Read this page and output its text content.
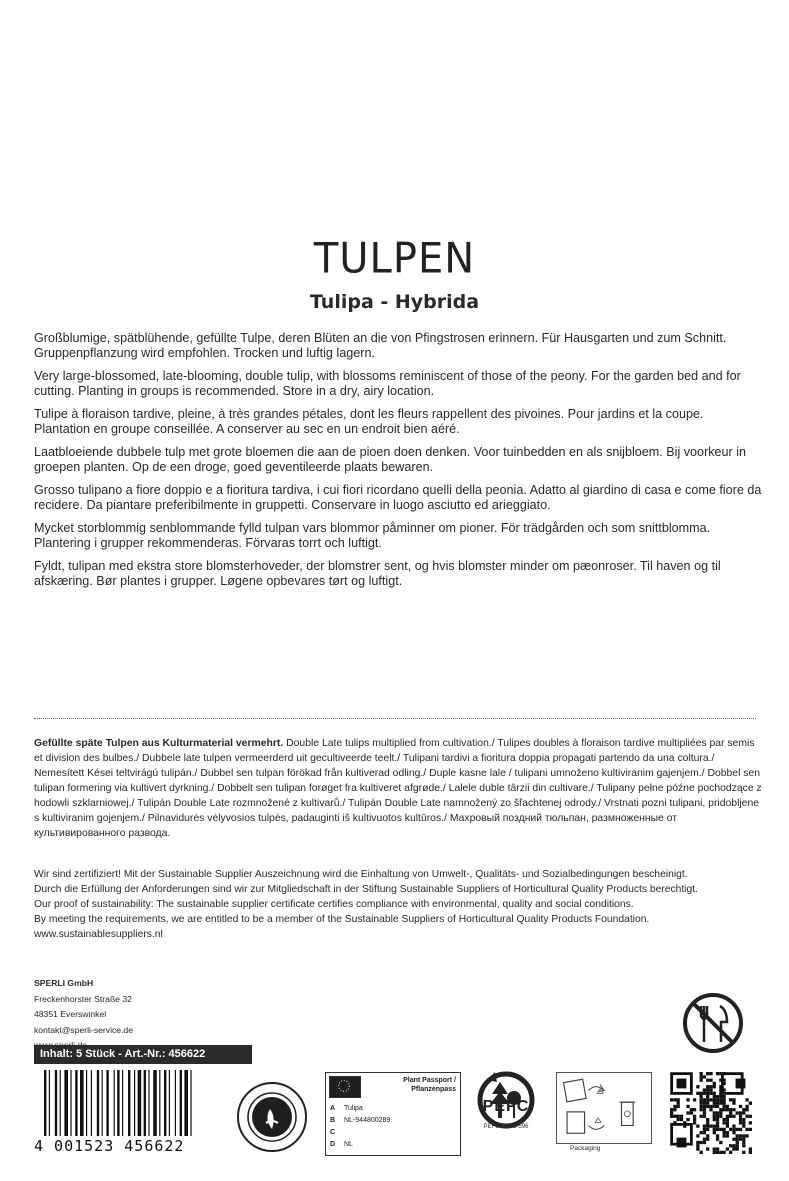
TULPEN
Tulipa - Hybrida

Großblumige, spätblühende, gefüllte Tulpe, deren Blüten an die von Pfingstrosen erinnern. Für Hausgarten und zum Schnitt. Gruppenpflanzung wird empfohlen. Trocken und luftig lagern.

Very large-blossomed, late-blooming, double tulip, with blossoms reminiscent of those of the peony. For the garden bed and for cutting. Planting in groups is recommended. Store in a dry, airy location.

Tulipe à floraison tardive, pleine, à très grandes pétales, dont les fleurs rappellent des pivoines. Pour jardins et la coupe. Plantation en groupe conseillée. A conserver au sec en un endroit bien aéré.

Laatbloeiende dubbele tulp met grote bloemen die aan de pioen doen denken. Voor tuinbedden en als snijbloem. Bij voorkeur in groepen planten. Op de een droge, goed geventileerde plaats bewaren.

Grosso tulipano a fiore doppio e a fioritura tardiva, i cui fiori ricordano quelli della peonia. Adatto al giardino di casa e come fiore da recidere. Da piantare preferibilmente in gruppetti. Conservare in luogo asciutto ed arieggiato.

Mycket storblommig senblommande fylld tulpan vars blommor påminner om pioner. För trädgården och som snittblomma. Plantering i grupper rekommenderas. Förvaras torrt och luftigt.

Fyldt, tulipan med ekstra store blomsterhoveder, der blomstrer sent, og hvis blomster minder om pæonroser. Til haven og til afskæring. Bør plantes i grupper. Løgene opbevares tørt og luftigt.

Gefüllte späte Tulpen aus Kulturmaterial vermehrt. Double Late tulips multiplied from cultivation./ Tulipes doubles à floraison tardive multipliées par semis et division des bulbes./ Dubbele late tulpen vermeerderd uit gecultiveerde teelt./ Tulipani tardivi a fioritura doppia propagati partendo da una coltura./ Nemesített Kései teltvirágú tulipán./ Dubbel sen tulpan förökad från kultiverad odling./ Duple kasne lale / tulipani umnoženo kultiviranim gajenjem./ Dobbel sen tulipan formering via kultivert dyrkning./ Dobbelt sen tulipan forøget fra kultiveret afgrøde./ Lalele duble târzii din cultivare./ Tulipany pełne późne pochodzące z hodowli szklarniowej./ Tulipán Double Late rozmnožené z kultivarů./ Tulipán Double Late namnožený zo šľachtenej odrody./ Vrstnati pozni tulipani, pridobljene s kultiviranim gojenjem./ Pilnavidurės vėlyvosios tulpės, padauginti iš kultivuotos kultūros./ Махровый поздний тюльпан, размноженные от культивированного развода.
Wir sind zertifiziert! Mit der Sustainable Supplier Auszeichnung wird die Einhaltung von Umwelt-, Qualitäts- und Sozialbedingungen bescheinigt.
Durch die Erfüllung der Anforderungen sind wir zur Mitgliedschaft in der Stiftung Sustainable Suppliers of Horticultural Quality Products berechtigt.
Our proof of sustainability: The sustainable supplier certificate certifies compliance with environmental, quality and social conditions.
By meeting the requirements, we are entitled to be a member of the Sustainable Suppliers of Horticultural Quality Products Foundation.
www.sustainablesuppliers.nl
SPERLI GmbH
Freckenhorster Straße 32
48351 Everswinkel
kontakt@sperli-service.de
Inhalt: 5 Stück - Art.-Nr.: 456622
4 001523 456622
Plant Passport /
Pflanzenpass
A	Tulipa
B	NL-944800289
C
D	NL
PEFC
PEFC/30-31-596
Packaging
